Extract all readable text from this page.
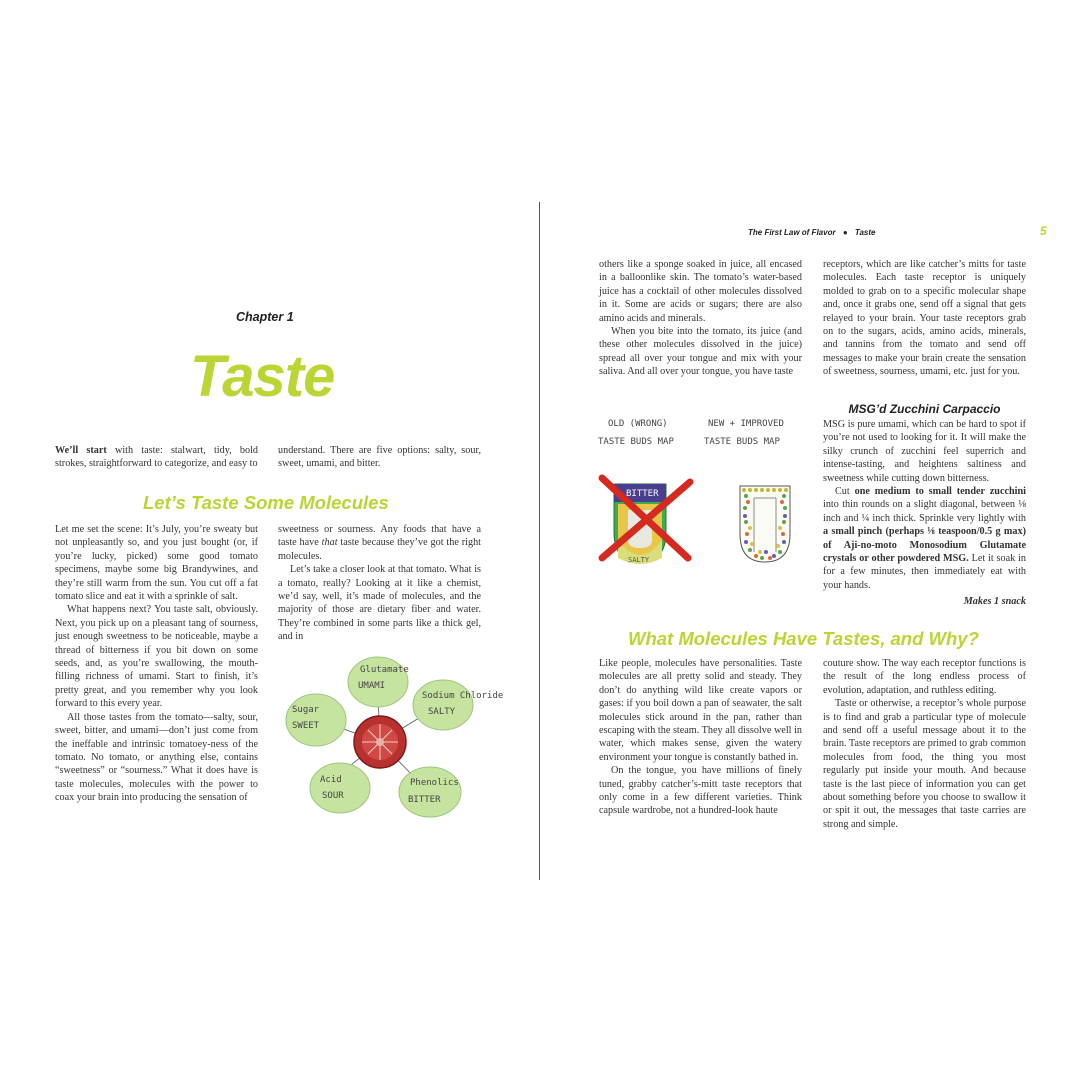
The First Law of Flavor ● Taste	5
Chapter 1
Taste

We’ll start with taste: stalwart, tidy, bold strokes, straightforward to categorize, and easy to

understand. There are five options: salty, sour, sweet, umami, and bitter.

Let’s Taste Some Molecules

Let me set the scene: It’s July, you’re sweaty but not unpleasantly so, and you just bought (or, if you’re lucky, picked) some good tomato specimens, maybe some big Brandywines, and they’re still warm from the sun. You cut off a fat tomato slice and eat it with a sprinkle of salt.

What happens next? You taste salt, obviously. Next, you pick up on a pleasant tang of sourness, just enough sweetness to be noticeable, maybe a thread of bitterness if you bit down on some seeds, and, as you’re swallowing, the mouth-filling richness of umami. Start to finish, it’s pretty great, and you remember why you look forward to this every year.

All those tastes from the tomato—salty, sour, sweet, bitter, and umami—don’t just come from the ineffable and intrinsic tomatoey-ness of the tomato. No tomato, or anything else, contains “sweetness” or “sourness.” What it does have is taste molecules, molecules with the power to coax your brain into producing the sensation of

sweetness or sourness. Any foods that have a taste have that taste because they’ve got the right molecules.

Let’s take a closer look at that tomato. What is a tomato, really? Looking at it like a chemist, we’d say, well, it’s made of molecules, and the majority of those are dietary fiber and water. They’re combined in some parts like a thick gel, and in

Glutamate
UMAMI
Sodium Chloride
SALTY
Sugar
SWEET
Acid
SOUR
Phenolics
BITTER

others like a sponge soaked in juice, all encased in a balloonlike skin. The tomato’s water-based juice has a cocktail of other molecules dissolved in it. Some are acids or sugars; there are also amino acids and minerals.

When you bite into the tomato, its juice (and these other molecules dissolved in the juice) spread all over your tongue and mix with your saliva. And all over your tongue, you have taste

receptors, which are like catcher’s mitts for taste molecules. Each taste receptor is uniquely molded to grab on to a specific molecular shape and, once it grabs one, send off a signal that gets relayed to your brain. Your taste receptors grab on to the sugars, acids, amino acids, minerals, and tannins from the tomato and send off messages to make your brain create the sensation of sweetness, sourness, umami, etc. just for you.

OLD (WRONG)
TASTE BUDS MAP
NEW + IMPROVED
TASTE BUDS MAP
BITTER
SALTY
MSG’d Zucchini Carpaccio

MSG is pure umami, which can be hard to spot if you’re not used to looking for it. It will make the silky crunch of zucchini feel superrich and intense-tasting, and heightens saltiness and sweetness while cutting down bitterness.

Cut one medium to small tender zucchini into thin rounds on a slight diagonal, between ⅛ inch and ¼ inch thick. Sprinkle very lightly with a small pinch (perhaps ⅛ teaspoon/0.5 g max) of Aji-no-moto Monosodium Glutamate crystals or other powdered MSG. Let it soak in for a few minutes, then immediately eat with your hands.

Makes 1 snack

What Molecules Have Tastes, and Why?

Like people, molecules have personalities. Taste molecules are all pretty solid and steady. They don’t do anything wild like create vapors or gases: if you boil down a pan of seawater, the salt molecules stick around in the pan, rather than escaping with the steam. They all dissolve well in water, which makes sense, given the watery environment your tongue is constantly bathed in.

On the tongue, you have millions of finely tuned, grabby catcher’s-mitt taste receptors that only come in a few different varieties. Think capsule wardrobe, not a hundred-look haute

couture show. The way each receptor functions is the result of the long endless process of evolution, adaptation, and ruthless editing.

Taste or otherwise, a receptor’s whole purpose is to find and grab a particular type of molecule and send off a useful message about it to the brain. Taste receptors are primed to grab common molecules from food, the thing you most regularly put inside your mouth. And because taste is the last piece of information you can get about something before you choose to swallow it or spit it out, the messages that taste carries are strong and simple.
